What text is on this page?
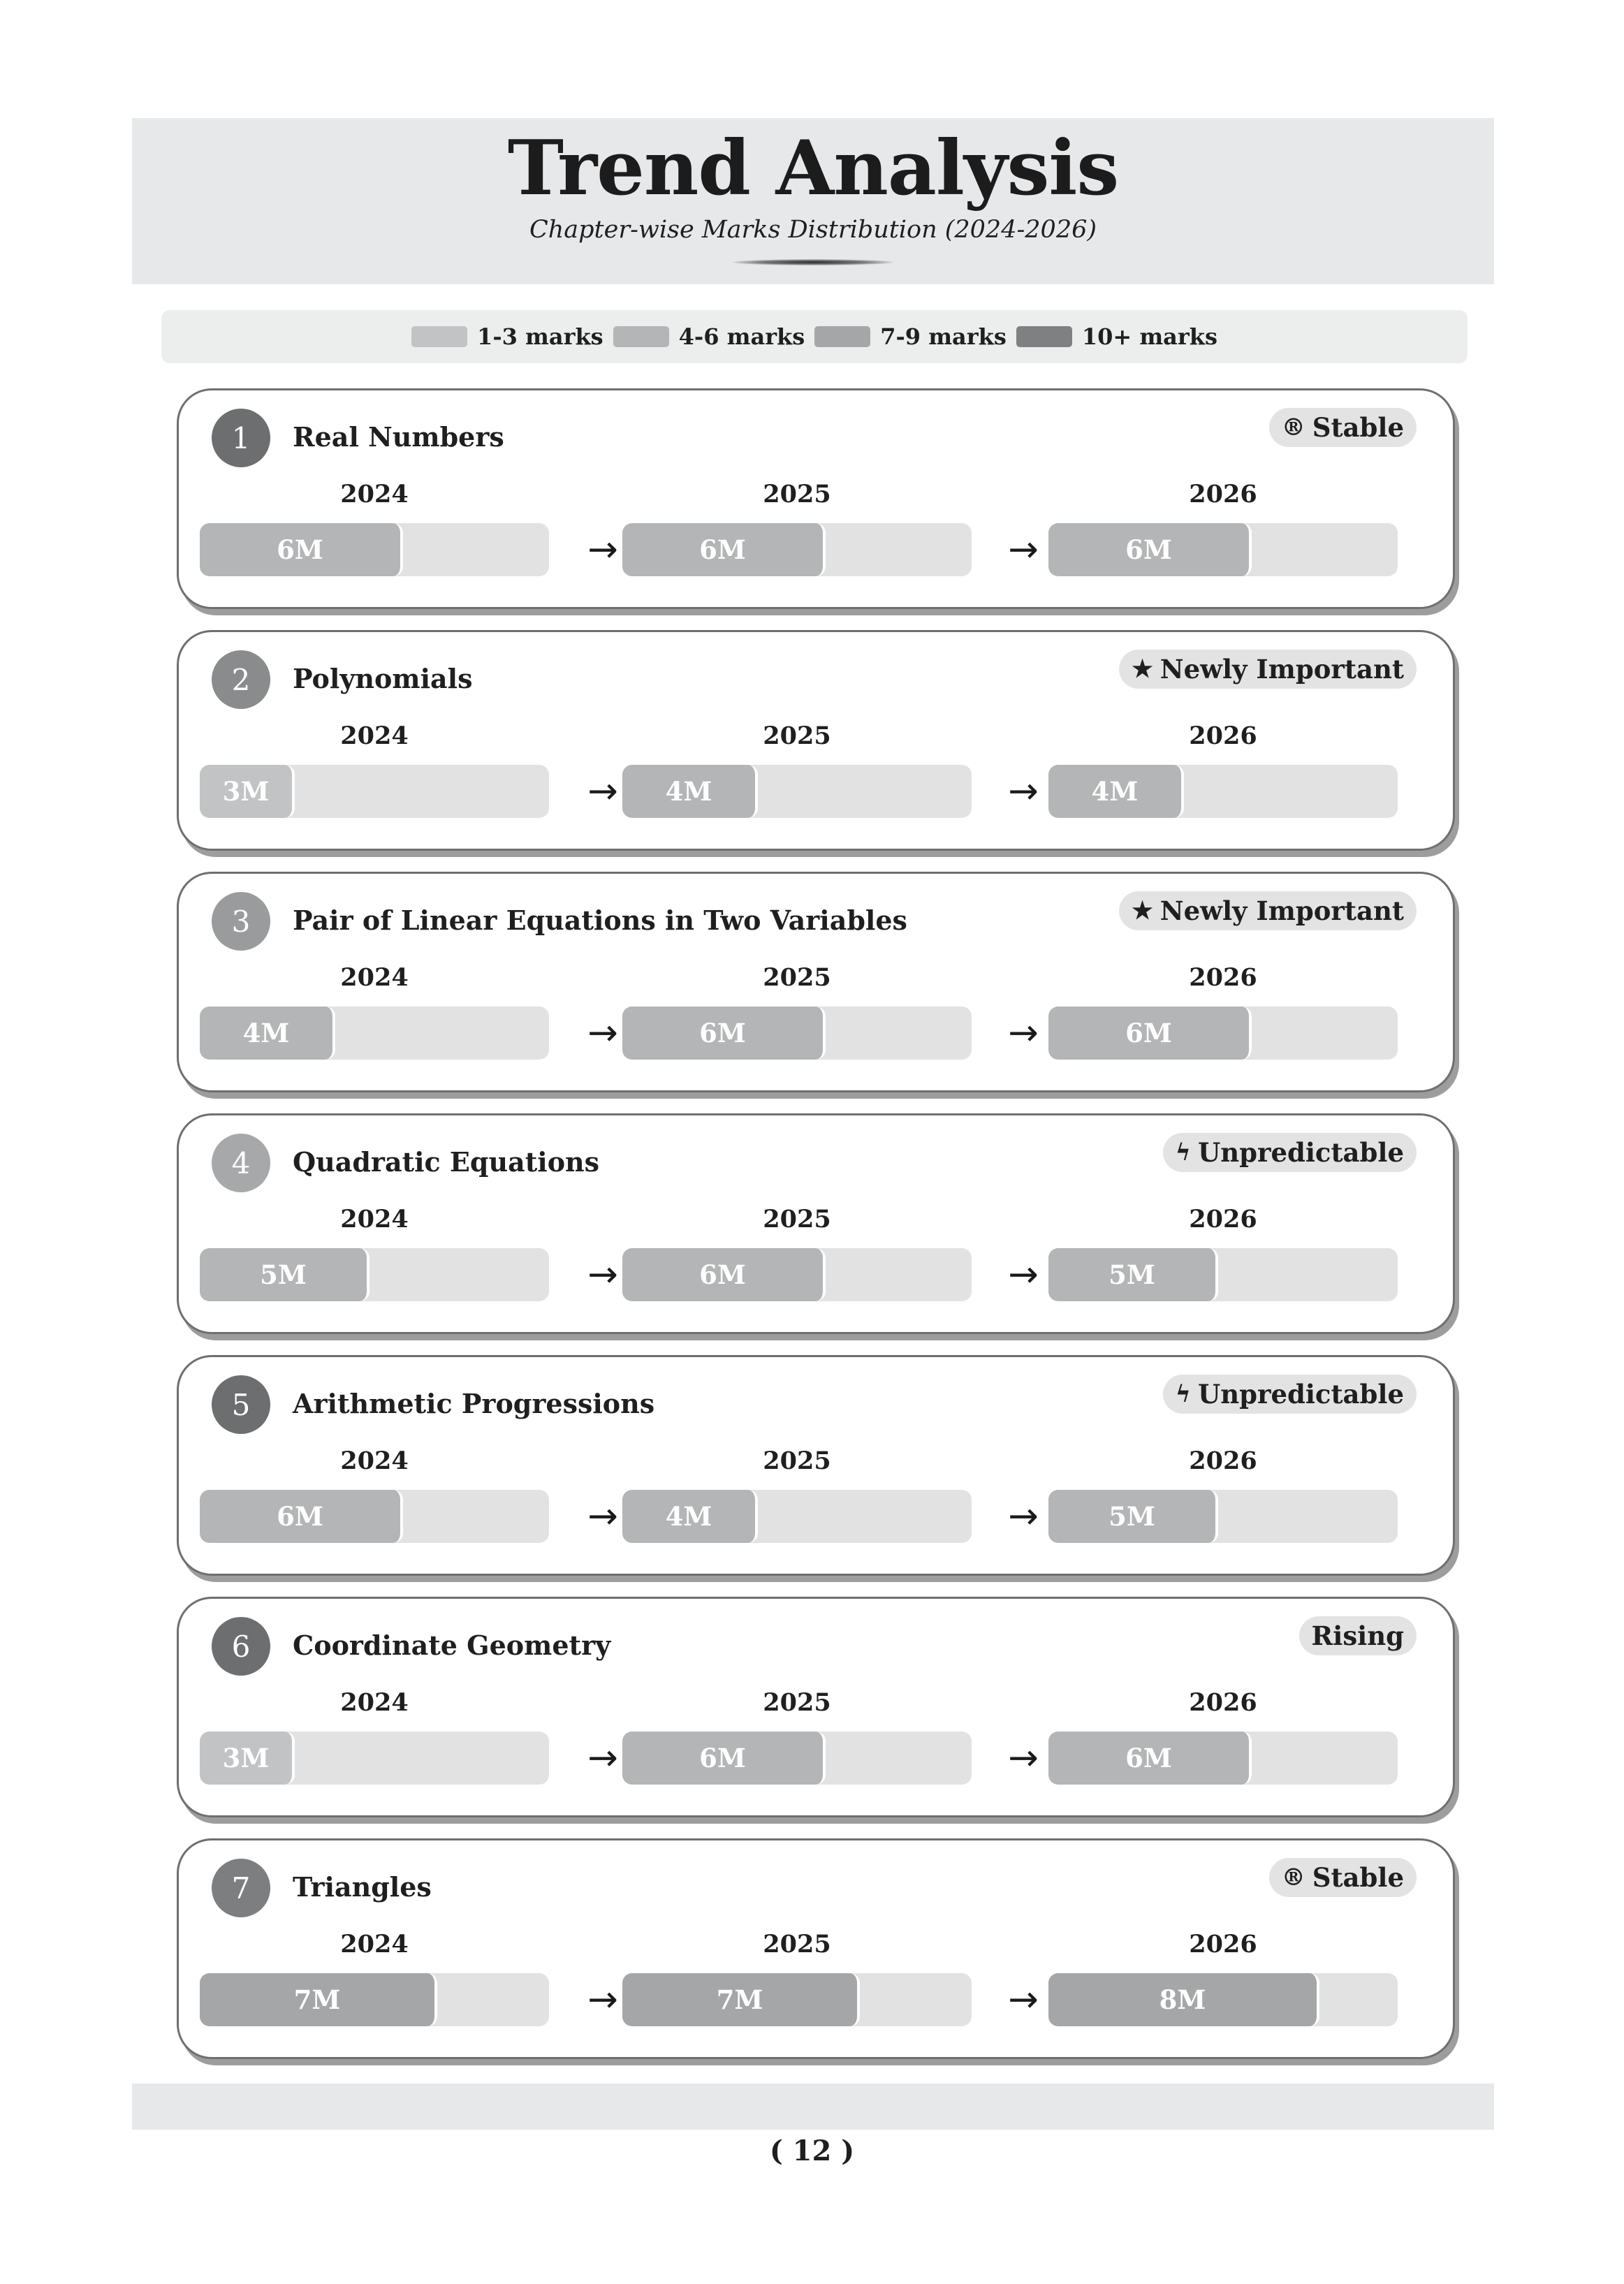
Trend Analysis
Chapter-wise Marks Distribution (2024-2026)
1-3 marks	4-6 marks	7-9 marks	10+ marks
1	Real Numbers	® Stable
2024
6M	→
2025
6M	→
2026
6M
2	Polynomials	★ Newly Important
2024
3M	→
2025
4M	→
2026
4M
3	Pair of Linear Equations in Two Variables	★ Newly Important
2024
4M	→
2025
6M	→
2026
6M
4	Quadratic Equations	ϟ Unpredictable
2024
5M	→
2025
6M	→
2026
5M
5	Arithmetic Progressions	ϟ Unpredictable
2024
6M	→
2025
4M	→
2026
5M
6	Coordinate Geometry	Rising
2024
3M	→
2025
6M	→
2026
6M
7	Triangles	® Stable
2024
7M	→
2025
7M	→
2026
8M
( 12 )
